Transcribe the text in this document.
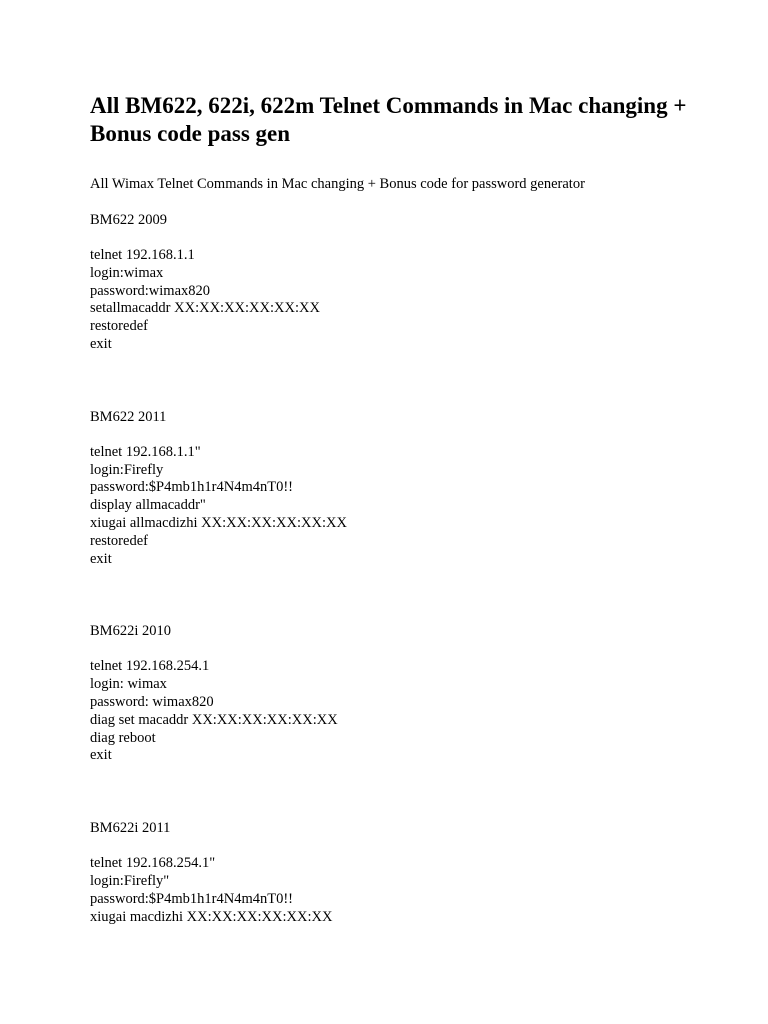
All BM622, 622i, 622m Telnet Commands in Mac changing + Bonus code pass gen

All Wimax Telnet Commands in Mac changing + Bonus code for password generator

BM622 2009

telnet 192.168.1.1
login:wimax
password:wimax820
setallmacaddr XX:XX:XX:XX:XX:XX
restoredef
exit

BM622 2011

telnet 192.168.1.1"
login:Firefly
password:$P4mb1h1r4N4m4nT0!!
display allmacaddr"
xiugai allmacdizhi XX:XX:XX:XX:XX:XX
restoredef
exit

BM622i 2010

telnet 192.168.254.1
login: wimax
password: wimax820
diag set macaddr XX:XX:XX:XX:XX:XX
diag reboot
exit

BM622i 2011

telnet 192.168.254.1"
login:Firefly"
password:$P4mb1h1r4N4m4nT0!!
xiugai macdizhi XX:XX:XX:XX:XX:XX
